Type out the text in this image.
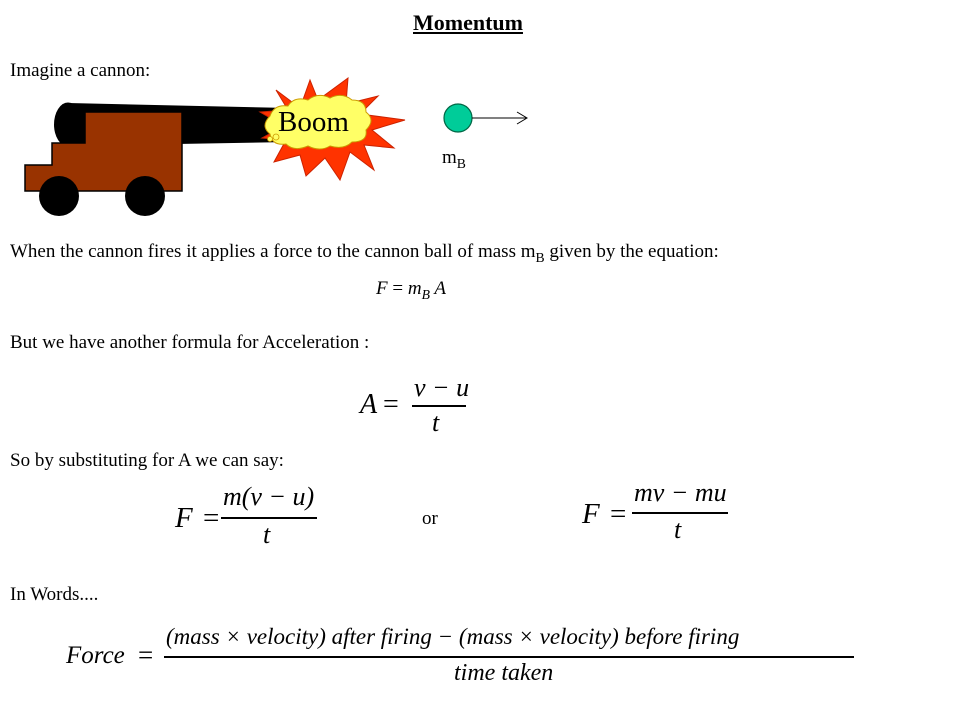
Momentum
Imagine a cannon:
Boom
$m_B$
When the cannon fires it applies a force to the cannon ball of mass $m_B$ given by the equation:
$F = m_B$ A
But we have another formula for Acceleration :
A =
v − u
t
So by substituting for A we can say:
F =
m(v − u)
t
or	F =
mv − mu
t
In Words....
Force =
(mass × velocity) after firing − (mass × velocity) before firing
time taken
